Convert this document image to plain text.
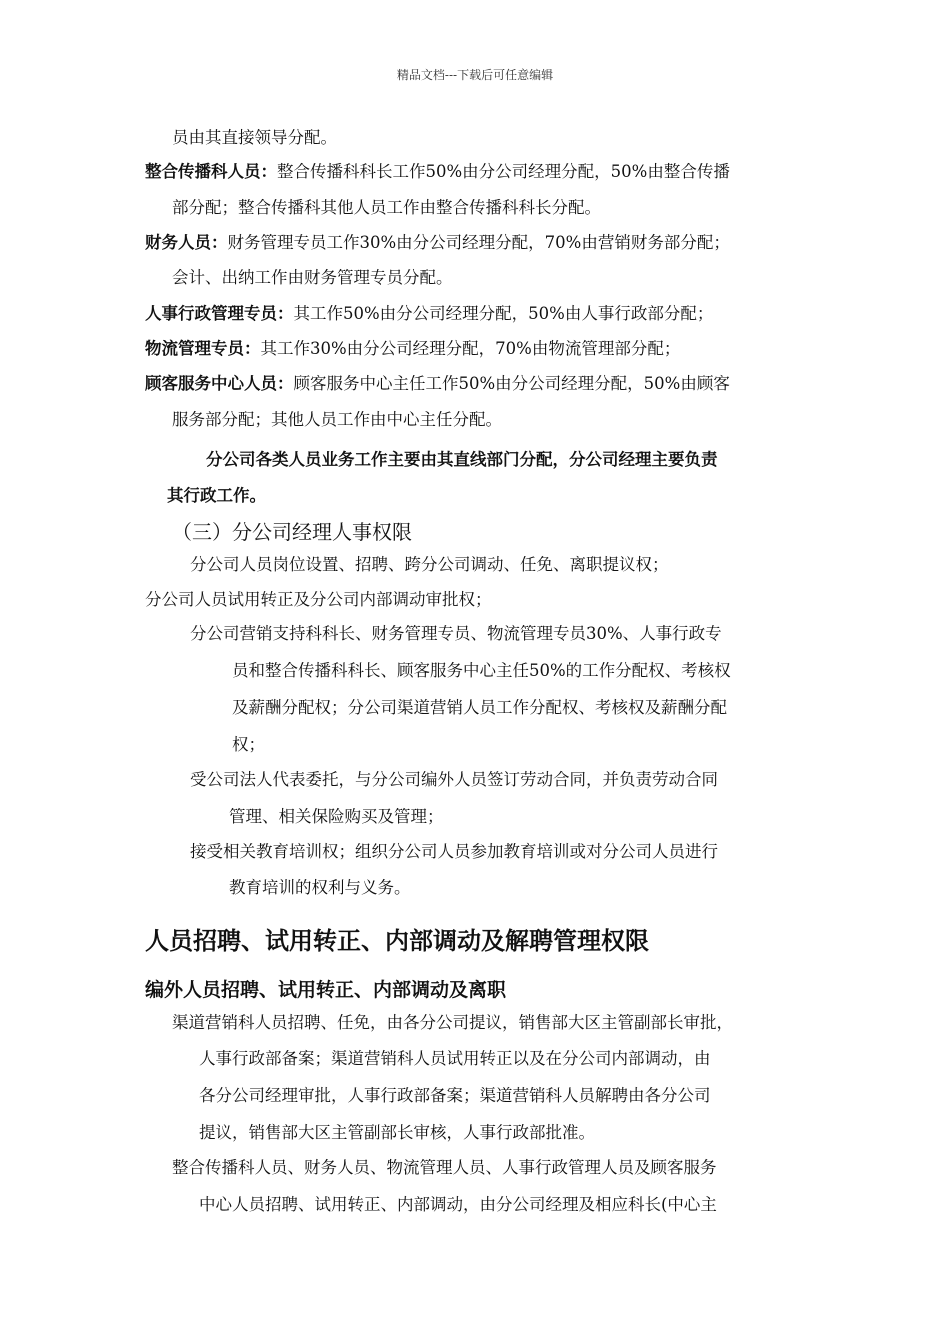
精品文档---下载后可任意编辑
员由其直接领导分配。
整合传播科人员：整合传播科科长工作50%由分公司经理分配，50%由整合传播
部分配；整合传播科其他人员工作由整合传播科科长分配。
财务人员：财务管理专员工作30%由分公司经理分配，70%由营销财务部分配；
会计、出纳工作由财务管理专员分配。
人事行政管理专员：其工作50%由分公司经理分配，50%由人事行政部分配；
物流管理专员：其工作30%由分公司经理分配，70%由物流管理部分配；
顾客服务中心人员：顾客服务中心主任工作50%由分公司经理分配，50%由顾客
服务部分配；其他人员工作由中心主任分配。
分公司各类人员业务工作主要由其直线部门分配，分公司经理主要负责
其行政工作。
（三）分公司经理人事权限
分公司人员岗位设置、招聘、跨分公司调动、任免、离职提议权；
分公司人员试用转正及分公司内部调动审批权；
分公司营销支持科科长、财务管理专员、物流管理专员30%、人事行政专
员和整合传播科科长、顾客服务中心主任50%的工作分配权、考核权
及薪酬分配权；分公司渠道营销人员工作分配权、考核权及薪酬分配
权；
受公司法人代表委托，与分公司编外人员签订劳动合同，并负责劳动合同
管理、相关保险购买及管理；
接受相关教育培训权；组织分公司人员参加教育培训或对分公司人员进行
教育培训的权利与义务。
人员招聘、试用转正、内部调动及解聘管理权限
编外人员招聘、试用转正、内部调动及离职
渠道营销科人员招聘、任免，由各分公司提议，销售部大区主管副部长审批，
人事行政部备案；渠道营销科人员试用转正以及在分公司内部调动，由
各分公司经理审批，人事行政部备案；渠道营销科人员解聘由各分公司
提议，销售部大区主管副部长审核，人事行政部批准。
整合传播科人员、财务人员、物流管理人员、人事行政管理人员及顾客服务
中心人员招聘、试用转正、内部调动，由分公司经理及相应科长(中心主
